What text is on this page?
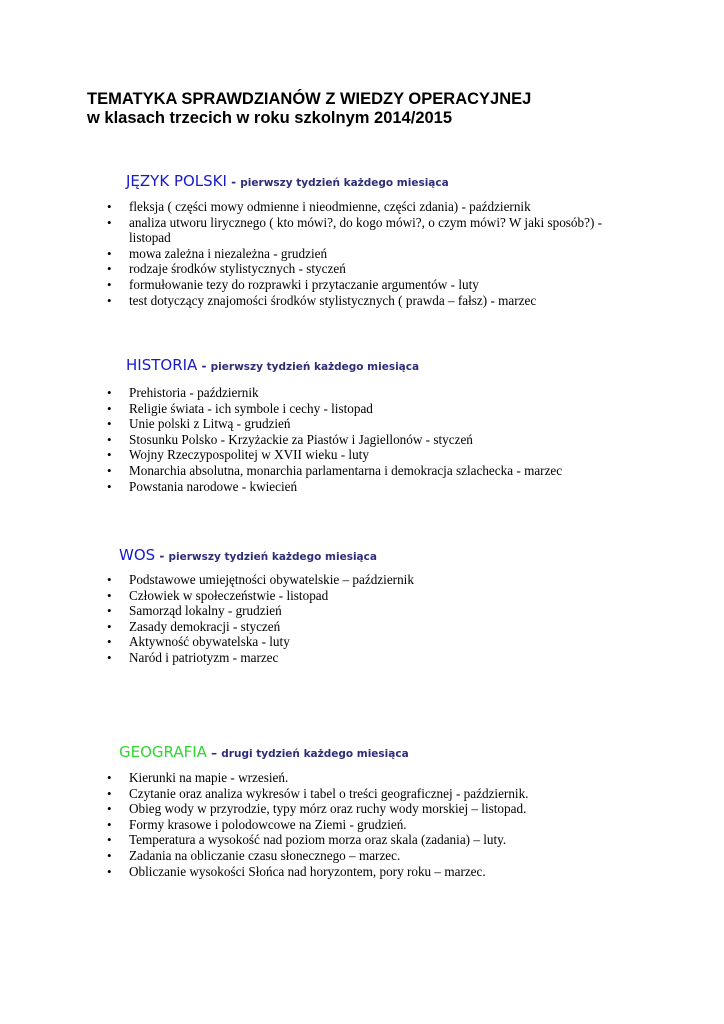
TEMATYKA SPRAWDZIANÓW Z WIEDZY OPERACYJNEJ
w klasach trzecich w roku szkolnym 2014/2015
JĘZYK POLSKI - pierwszy tydzień każdego miesiąca
• fleksja ( części mowy odmienne i nieodmienne, części zdania) - październik
• analiza utworu lirycznego ( kto mówi?, do kogo mówi?, o czym mówi? W jaki sposób?) - listopad
• mowa zależna i niezależna - grudzień
• rodzaje środków stylistycznych - styczeń
• formułowanie tezy do rozprawki i przytaczanie argumentów - luty
• test dotyczący znajomości środków stylistycznych ( prawda – fałsz) - marzec
HISTORIA - pierwszy tydzień każdego miesiąca
• Prehistoria - październik
• Religie świata - ich symbole i cechy - listopad
• Unie polski z Litwą - grudzień
• Stosunku Polsko - Krzyżackie za Piastów i Jagiellonów - styczeń
• Wojny Rzeczypospolitej w XVII wieku - luty
• Monarchia absolutna, monarchia parlamentarna i demokracja szlachecka - marzec
• Powstania narodowe - kwiecień
WOS - pierwszy tydzień każdego miesiąca
• Podstawowe umiejętności obywatelskie – październik
• Człowiek w społeczeństwie - listopad
• Samorząd lokalny - grudzień
• Zasady demokracji - styczeń
• Aktywność obywatelska - luty
• Naród i patriotyzm - marzec
GEOGRAFIA – drugi tydzień każdego miesiąca
• Kierunki na mapie - wrzesień.
• Czytanie oraz analiza wykresów i tabel o treści geograficznej - październik.
• Obieg wody w przyrodzie, typy mórz oraz ruchy wody morskiej – listopad.
• Formy krasowe i polodowcowe na Ziemi - grudzień.
• Temperatura a wysokość nad poziom morza oraz skala (zadania) – luty.
• Zadania na obliczanie czasu słonecznego – marzec.
• Obliczanie wysokości Słońca nad horyzontem, pory roku – marzec.
